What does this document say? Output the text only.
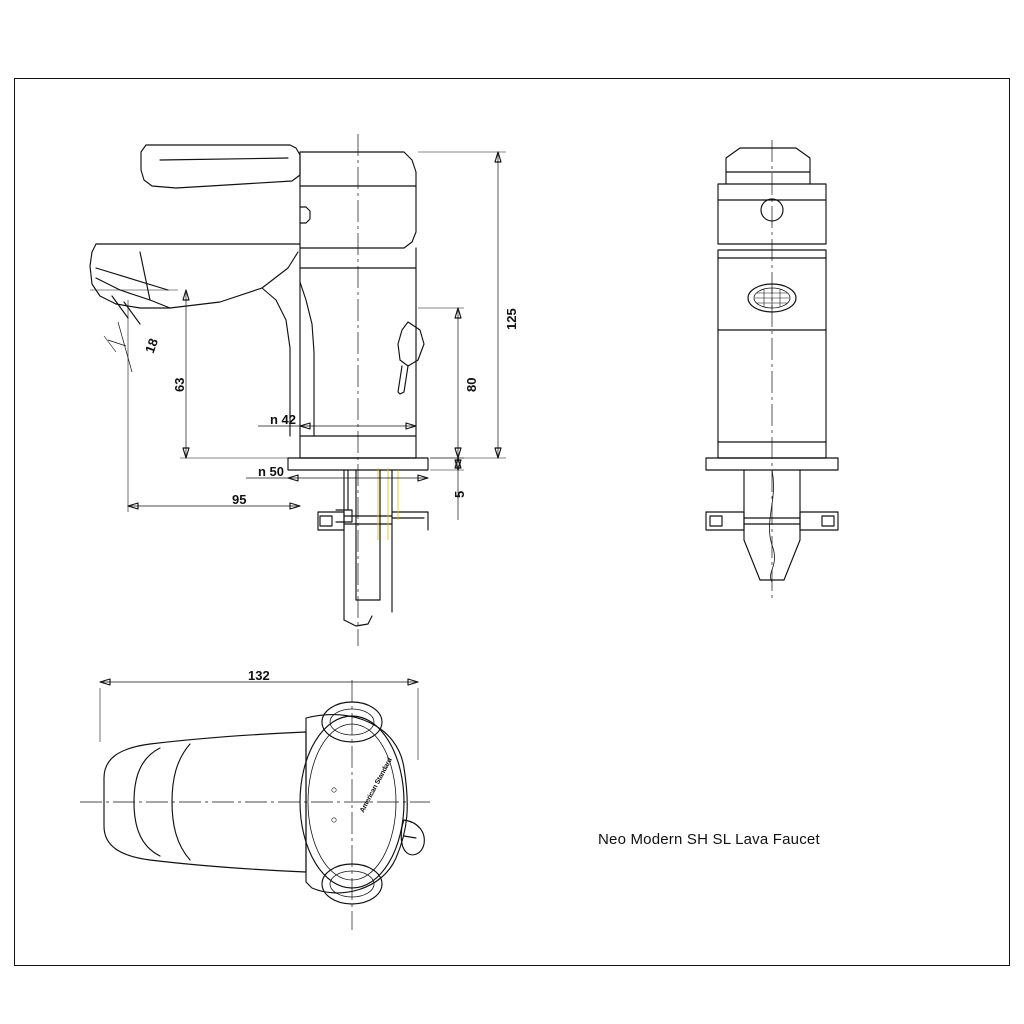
125
80
63
18
5
n 42
n 50
95
132
American Standard
Neo Modern SH SL Lava Faucet
